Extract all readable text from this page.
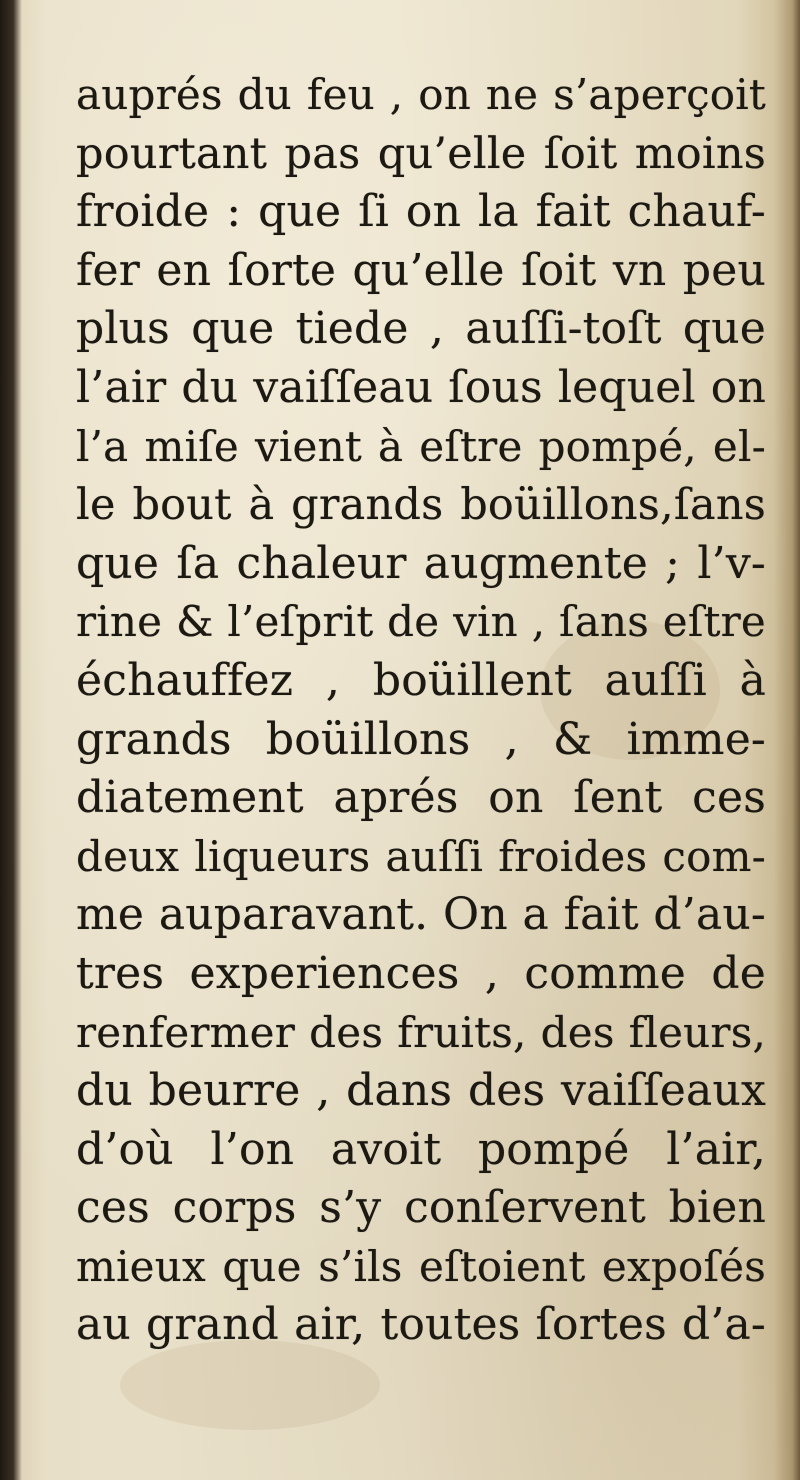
auprés du feu , on ne s’aperçoit
pourtant pas qu’elle ſoit moins
froide : que ſi on la fait chauf-
fer en ſorte qu’elle ſoit vn peu
plus que tiede , auſſi-toſt que
l’air du vaiſſeau ſous lequel on
l’a miſe vient à eſtre pompé, el-
le bout à grands boüillons,ſans
que ſa chaleur augmente ; l’v-
rine & l’eſprit de vin , ſans eſtre
échauffez , boüillent auſſi à
grands boüillons , & imme-
diatement aprés on ſent ces
deux liqueurs auſſi froides com-
me auparavant. On a fait d’au-
tres experiences , comme de
renfermer des fruits, des fleurs,
du beurre , dans des vaiſſeaux
d’où l’on avoit pompé l’air,
ces corps s’y conſervent bien
mieux que s’ils eſtoient expoſés
au grand air, toutes ſortes d’a-
